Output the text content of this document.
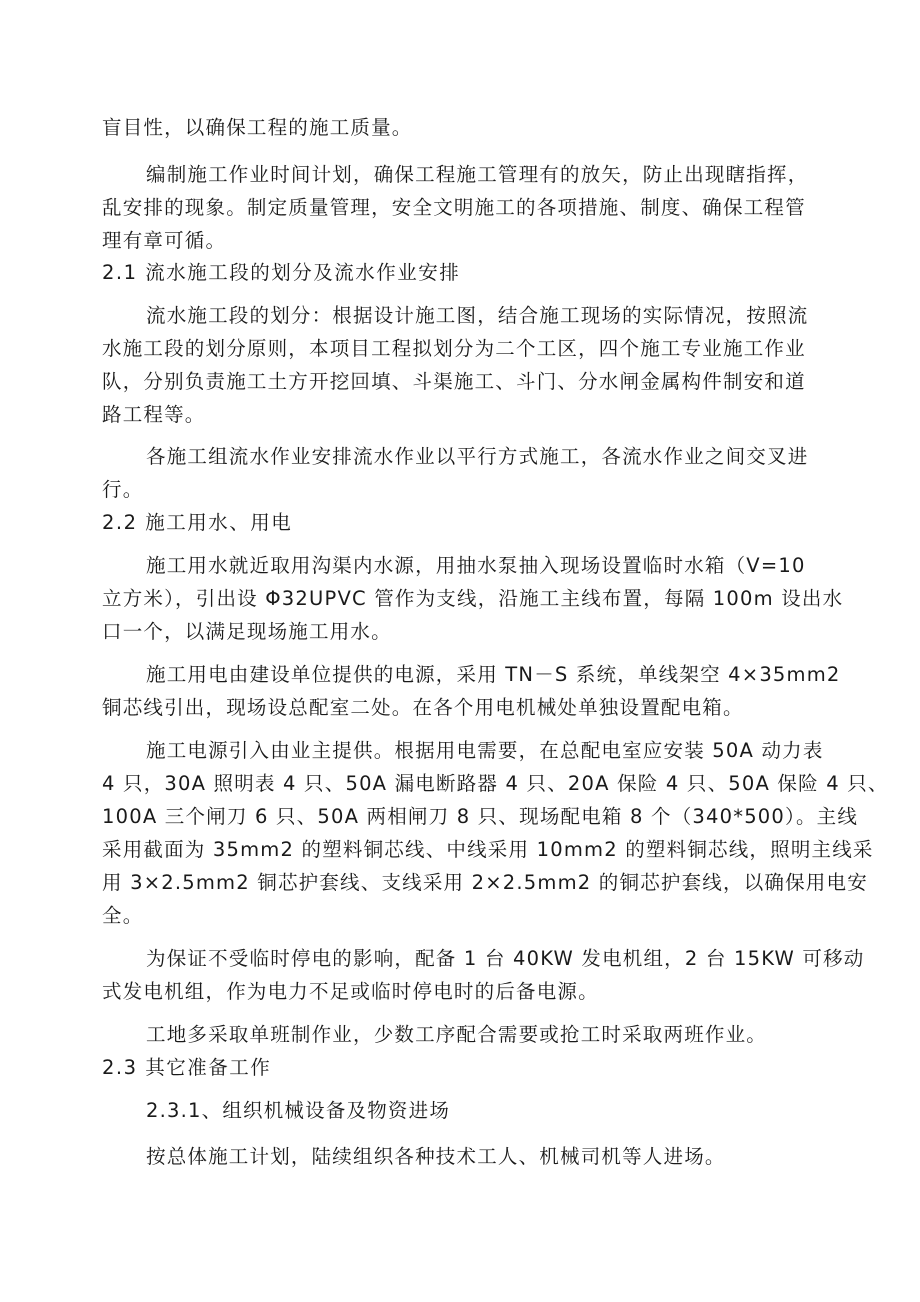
盲目性，以确保工程的施工质量。
编制施工作业时间计划，确保工程施工管理有的放矢，防止出现瞎指挥，
乱安排的现象。制定质量管理，安全文明施工的各项措施、制度、确保工程管
理有章可循。
2.1 流水施工段的划分及流水作业安排
流水施工段的划分：根据设计施工图，结合施工现场的实际情况，按照流
水施工段的划分原则，本项目工程拟划分为二个工区，四个施工专业施工作业
队，分别负责施工土方开挖回填、斗渠施工、斗门、分水闸金属构件制安和道
路工程等。
各施工组流水作业安排流水作业以平行方式施工，各流水作业之间交叉进
行。
2.2 施工用水、用电
施工用水就近取用沟渠内水源，用抽水泵抽入现场设置临时水箱（V=10
立方米），引出设 Φ32UPVC 管作为支线，沿施工主线布置，每隔 100m 设出水
口一个，以满足现场施工用水。
施工用电由建设单位提供的电源，采用 TN－S 系统，单线架空 4×35mm2
铜芯线引出，现场设总配室二处。在各个用电机械处单独设置配电箱。
施工电源引入由业主提供。根据用电需要，在总配电室应安装 50A 动力表
4 只，30A 照明表 4 只、50A 漏电断路器 4 只、20A 保险 4 只、50A 保险 4 只、
100A 三个闸刀 6 只、50A 两相闸刀 8 只、现场配电箱 8 个（340*500）。主线
采用截面为 35mm2 的塑料铜芯线、中线采用 10mm2 的塑料铜芯线，照明主线采
用 3×2.5mm2 铜芯护套线、支线采用 2×2.5mm2 的铜芯护套线，以确保用电安
全。
为保证不受临时停电的影响，配备 1 台 40KW 发电机组，2 台 15KW 可移动
式发电机组，作为电力不足或临时停电时的后备电源。
工地多采取单班制作业，少数工序配合需要或抢工时采取两班作业。
2.3 其它准备工作
2.3.1、组织机械设备及物资进场
按总体施工计划，陆续组织各种技术工人、机械司机等人进场。
